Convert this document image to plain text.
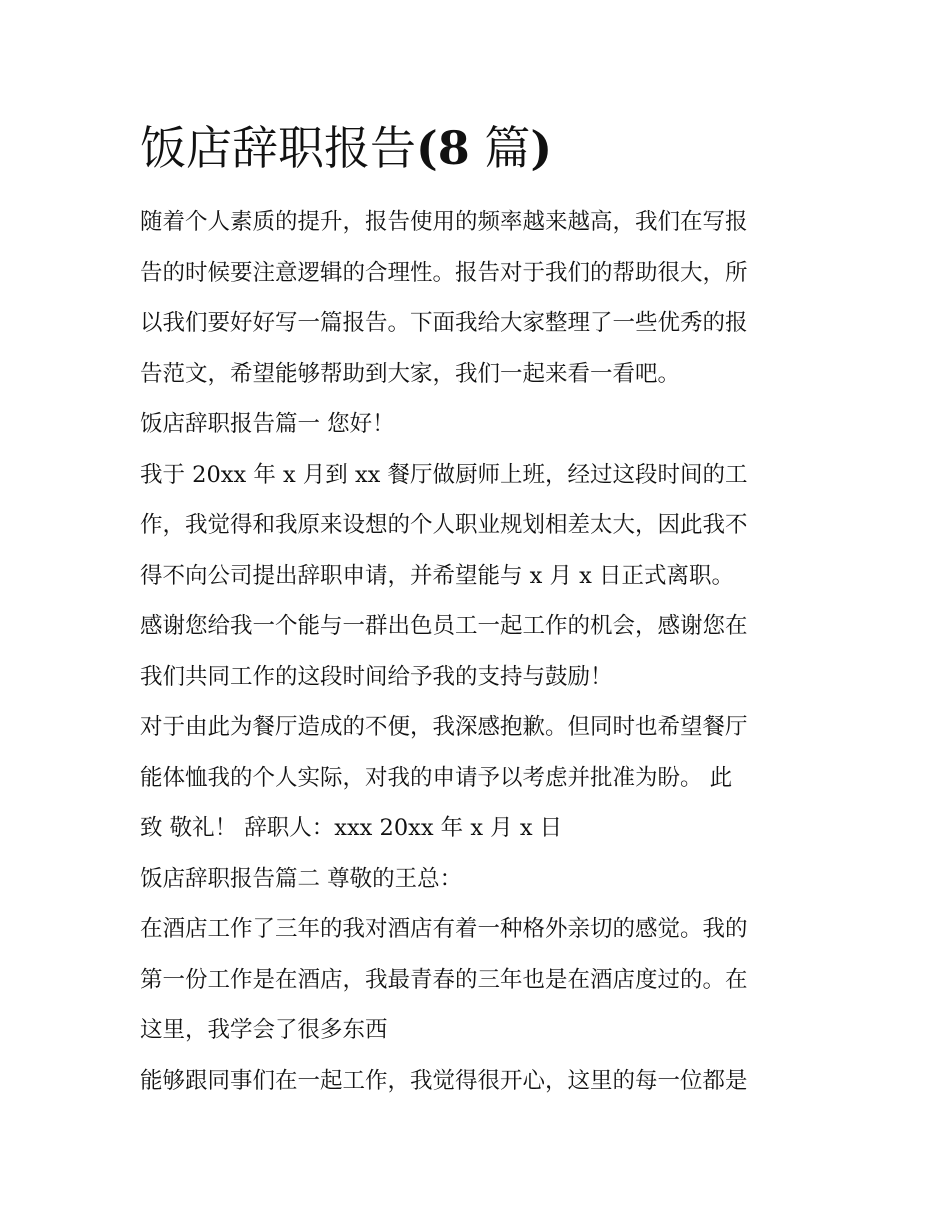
饭店辞职报告(8 篇)
随着个人素质的提升，报告使用的频率越来越高，我们在写报
告的时候要注意逻辑的合理性。报告对于我们的帮助很大，所
以我们要好好写一篇报告。下面我给大家整理了一些优秀的报
告范文，希望能够帮助到大家，我们一起来看一看吧。
饭店辞职报告篇一 您好！
我于 20xx 年 x 月到 xx 餐厅做厨师上班，经过这段时间的工
作，我觉得和我原来设想的个人职业规划相差太大，因此我不
得不向公司提出辞职申请，并希望能与 x 月 x 日正式离职。
感谢您给我一个能与一群出色员工一起工作的机会，感谢您在
我们共同工作的这段时间给予我的支持与鼓励！
对于由此为餐厅造成的不便，我深感抱歉。但同时也希望餐厅
能体恤我的个人实际，对我的申请予以考虑并批准为盼。 此
致 敬礼！ 辞职人：xxx 20xx 年 x 月 x 日
饭店辞职报告篇二 尊敬的王总：
在酒店工作了三年的我对酒店有着一种格外亲切的感觉。我的
第一份工作是在酒店，我最青春的三年也是在酒店度过的。在
这里，我学会了很多东西
能够跟同事们在一起工作，我觉得很开心，这里的每一位都是
